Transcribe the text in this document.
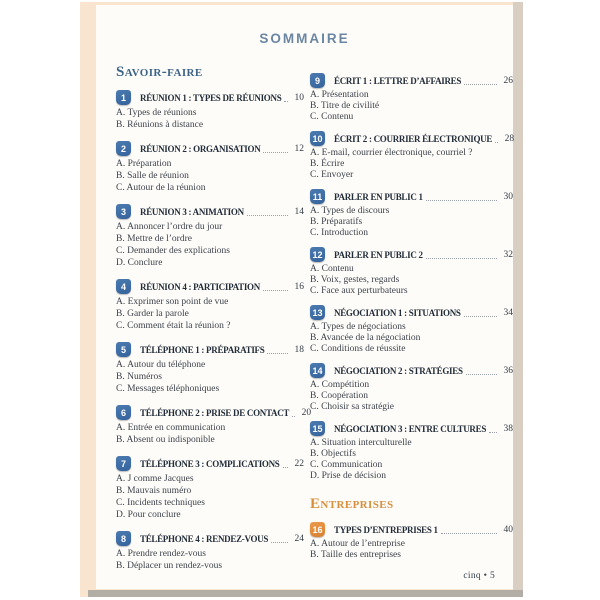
SOMMAIRE
Savoir-faire
1	RÉUNION 1 : TYPES DE RÉUNIONS	10
A. Types de réunions
B. Réunions à distance
2	RÉUNION 2 : ORGANISATION	12
A. Préparation
B. Salle de réunion
C. Autour de la réunion
3	RÉUNION 3 : ANIMATION	14
A. Annoncer l’ordre du jour
B. Mettre de l’ordre
C. Demander des explications
D. Conclure
4	RÉUNION 4 : PARTICIPATION	16
A. Exprimer son point de vue
B. Garder la parole
C. Comment était la réunion ?
5	TÉLÉPHONE 1 : PRÉPARATIFS	18
A. Autour du téléphone
B. Numéros
C. Messages téléphoniques
6	TÉLÉPHONE 2 : PRISE DE CONTACT	20
A. Entrée en communication
B. Absent ou indisponible
7	TÉLÉPHONE 3 : COMPLICATIONS	22
A. J comme Jacques
B. Mauvais numéro
C. Incidents techniques
D. Pour conclure
8	TÉLÉPHONE 4 : RENDEZ-VOUS	24
A. Prendre rendez-vous
B. Déplacer un rendez-vous
9	ÉCRIT 1 : LETTRE D’AFFAIRES	26
A. Présentation
B. Titre de civilité
C. Contenu
10 ÉCRIT 2 : COURRIER ÉLECTRONIQUE	28
A. E-mail, courrier électronique, courriel ?
B. Écrire
C. Envoyer
11	PARLER EN PUBLIC 1	30
A. Types de discours
B. Préparatifs
C. Introduction
12 PARLER EN PUBLIC 2	32
A. Contenu
B. Voix, gestes, regards
C. Face aux perturbateurs
13 NÉGOCIATION 1 : SITUATIONS	34
A. Types de négociations
B. Avancée de la négociation
C. Conditions de réussite
14 NÉGOCIATION 2 : STRATÉGIES	36
A. Compétition
B. Coopération
C. Choisir sa stratégie
15 NÉGOCIATION 3 : ENTRE CULTURES	38
A. Situation interculturelle
B. Objectifs
C. Communication
D. Prise de décision
Entreprises
16 TYPES D’ENTREPRISES 1	40
A. Autour de l’entreprise
B. Taille des entreprises
cinq • 5
